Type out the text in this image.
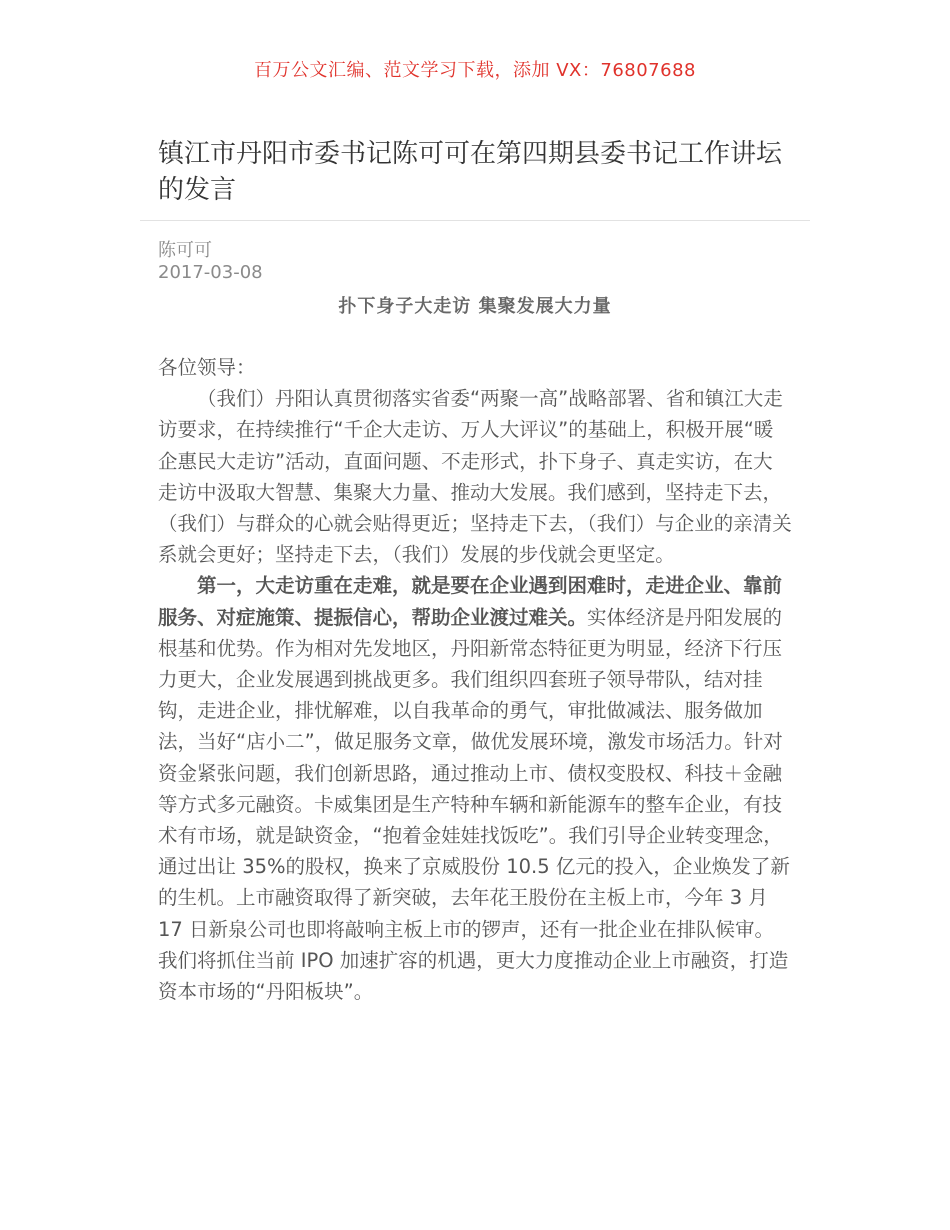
百万公文汇编、范文学习下载，添加 VX：76807688
镇江市丹阳市委书记陈可可在第四期县委书记工作讲坛的发言
陈可可
2017-03-08
扑下身子大走访 集聚发展大力量

各位领导：

（我们）丹阳认真贯彻落实省委“两聚一高”战略部署、省和镇江大走访要求，在持续推行“千企大走访、万人大评议”的基础上，积极开展“暖企惠民大走访”活动，直面问题、不走形式，扑下身子、真走实访，在大走访中汲取大智慧、集聚大力量、推动大发展。我们感到，坚持走下去，（我们）与群众的心就会贴得更近；坚持走下去，（我们）与企业的亲清关系就会更好；坚持走下去，（我们）发展的步伐就会更坚定。

第一，大走访重在走难，就是要在企业遇到困难时，走进企业、靠前服务、对症施策、提振信心，帮助企业渡过难关。实体经济是丹阳发展的根基和优势。作为相对先发地区，丹阳新常态特征更为明显，经济下行压力更大，企业发展遇到挑战更多。我们组织四套班子领导带队，结对挂钩，走进企业，排忧解难，以自我革命的勇气，审批做减法、服务做加法，当好“店小二”，做足服务文章，做优发展环境，激发市场活力。针对资金紧张问题，我们创新思路，通过推动上市、债权变股权、科技＋金融等方式多元融资。卡威集团是生产特种车辆和新能源车的整车企业，有技术有市场，就是缺资金，“抱着金娃娃找饭吃”。我们引导企业转变理念，通过出让 35%的股权，换来了京威股份 10.5 亿元的投入，企业焕发了新的生机。上市融资取得了新突破，去年花王股份在主板上市，今年 3 月 17 日新泉公司也即将敲响主板上市的锣声，还有一批企业在排队候审。我们将抓住当前 IPO 加速扩容的机遇，更大力度推动企业上市融资，打造资本市场的“丹阳板块”。
